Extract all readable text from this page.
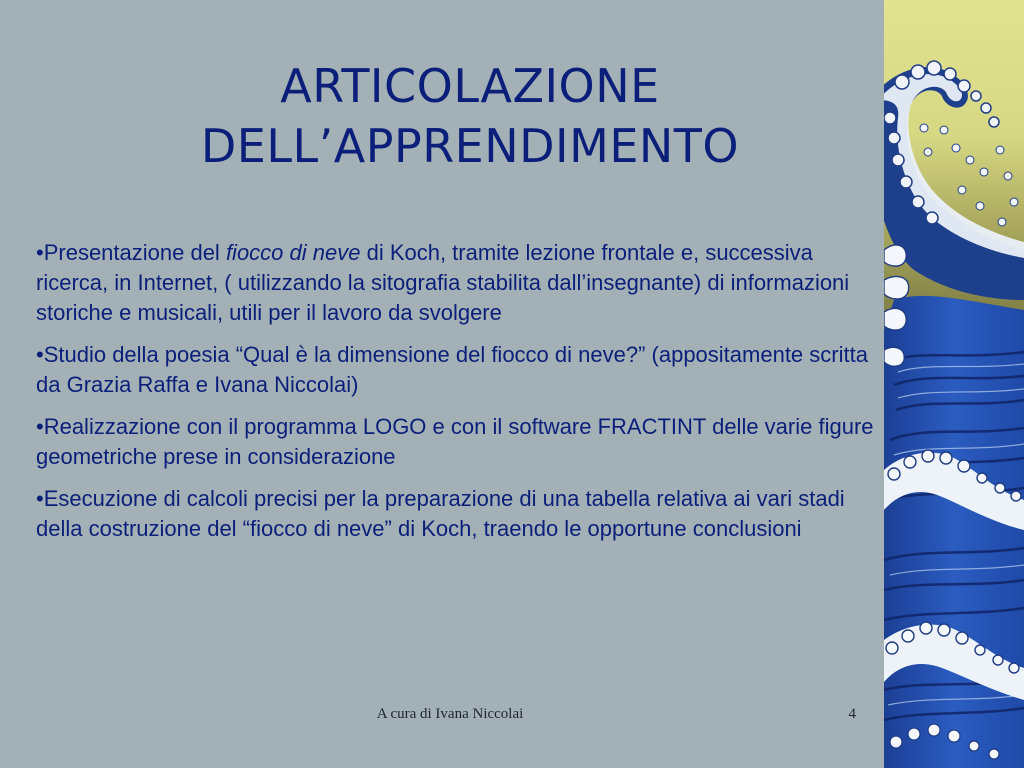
ARTICOLAZIONE
DELL’APPRENDIMENTO
•Presentazione del fiocco di neve di Koch, tramite lezione frontale e, successiva ricerca, in Internet, ( utilizzando la sitografia stabilita dall’insegnante) di informazioni storiche e musicali, utili per il lavoro da svolgere
•Studio della poesia “Qual è la dimensione del fiocco di neve?” (appositamente scritta da Grazia Raffa e Ivana Niccolai)
•Realizzazione con il programma LOGO e con il software FRACTINT delle varie figure geometriche prese in considerazione
•Esecuzione di calcoli precisi per la preparazione di una tabella relativa ai vari stadi della costruzione del “fiocco di neve” di Koch, traendo le opportune conclusioni
A cura di Ivana Niccolai	4
